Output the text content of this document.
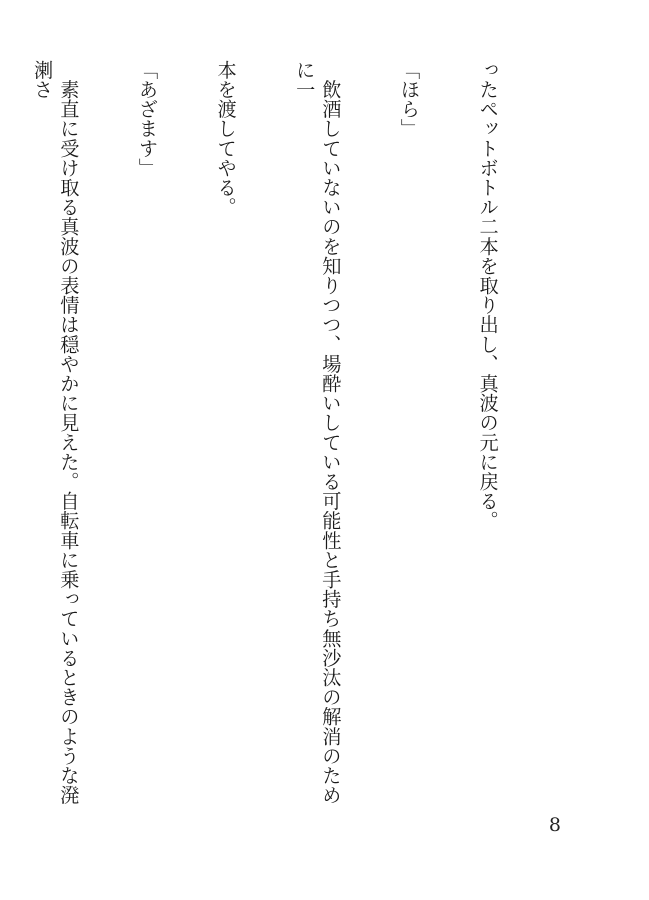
ったペットボトル二本を取り出し、真波の元に戻る。

「ほら」

　飲酒していないのを知りつつ、場酔いしている可能性と手持ち無沙汰の解消のために一

本を渡してやる。

「あざます」

　素直に受け取る真波の表情は穏やかに見えた。自転車に乗っているときのような溌溂さ

8
